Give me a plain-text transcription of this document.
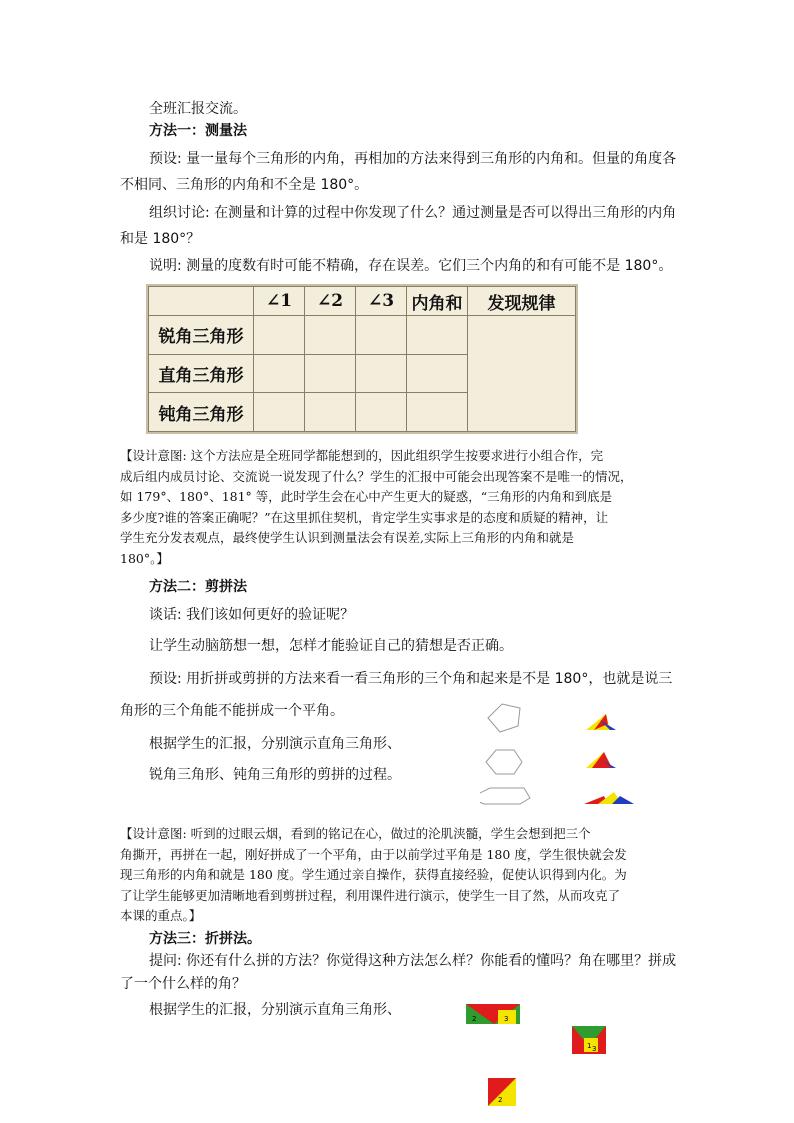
全班汇报交流。
方法一：测量法
预设: 量一量每个三角形的内角，再相加的方法来得到三角形的内角和。但量的角度各
不相同、三角形的内角和不全是 180°。
组织讨论: 在测量和计算的过程中你发现了什么？通过测量是否可以得出三角形的内角
和是 180°？
说明: 测量的度数有时可能不精确，存在误差。它们三个内角的和有可能不是 180°。
	∠1	∠2	∠3	内角和	发现规律
锐角三角形					
直角三角形					
钝角三角形					
【设计意图: 这个方法应是全班同学都能想到的，因此组织学生按要求进行小组合作，完
成后组内成员讨论、交流说一说发现了什么？学生的汇报中可能会出现答案不是唯一的情况，
如 179°、180°、181° 等，此时学生会在心中产生更大的疑惑，“三角形的内角和到底是
多少度?谁的答案正确呢？”在这里抓住契机，肯定学生实事求是的态度和质疑的精神，让
学生充分发表观点，最终使学生认识到测量法会有误差,实际上三角形的内角和就是
180°。】
方法二：剪拼法
谈话: 我们该如何更好的验证呢？
让学生动脑筋想一想，怎样才能验证自己的猜想是否正确。
预设: 用折拼或剪拼的方法来看一看三角形的三个角和起来是不是 180°，也就是说三
角形的三个角能不能拼成一个平角。
根据学生的汇报，分别演示直角三角形、
锐角三角形、钝角三角形的剪拼的过程。
【设计意图: 听到的过眼云烟，看到的铭记在心，做过的沦肌浃髓，学生会想到把三个
角撕开，再拼在一起，刚好拼成了一个平角，由于以前学过平角是 180 度，学生很快就会发
现三角形的内角和就是 180 度。学生通过亲自操作，获得直接经验，促使认识得到内化。为
了让学生能够更加清晰地看到剪拼过程，利用课件进行演示，使学生一目了然，从而攻克了
本课的重点。】
方法三：折拼法。
提问: 你还有什么拼的方法？你觉得这种方法怎么样？你能看的懂吗？角在哪里？拼成
了一个什么样的角？
根据学生的汇报，分别演示直角三角形、
2	3
1 3
2
